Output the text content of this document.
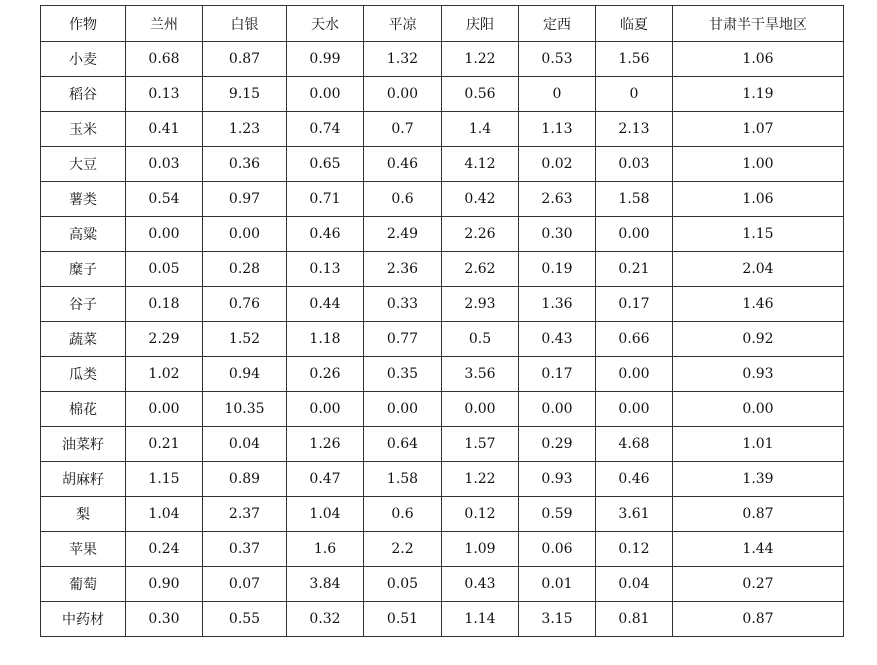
作物	兰州	白银	天水	平凉	庆阳	定西	临夏	甘肃半干旱地区
小麦	0.68	0.87	0.99	1.32	1.22	0.53	1.56	1.06
稻谷	0.13	9.15	0.00	0.00	0.56	0	0	1.19
玉米	0.41	1.23	0.74	0.7	1.4	1.13	2.13	1.07
大豆	0.03	0.36	0.65	0.46	4.12	0.02	0.03	1.00
薯类	0.54	0.97	0.71	0.6	0.42	2.63	1.58	1.06
高粱	0.00	0.00	0.46	2.49	2.26	0.30	0.00	1.15
糜子	0.05	0.28	0.13	2.36	2.62	0.19	0.21	2.04
谷子	0.18	0.76	0.44	0.33	2.93	1.36	0.17	1.46
蔬菜	2.29	1.52	1.18	0.77	0.5	0.43	0.66	0.92
瓜类	1.02	0.94	0.26	0.35	3.56	0.17	0.00	0.93
棉花	0.00	10.35	0.00	0.00	0.00	0.00	0.00	0.00
油菜籽	0.21	0.04	1.26	0.64	1.57	0.29	4.68	1.01
胡麻籽	1.15	0.89	0.47	1.58	1.22	0.93	0.46	1.39
梨	1.04	2.37	1.04	0.6	0.12	0.59	3.61	0.87
苹果	0.24	0.37	1.6	2.2	1.09	0.06	0.12	1.44
葡萄	0.90	0.07	3.84	0.05	0.43	0.01	0.04	0.27
中药材	0.30	0.55	0.32	0.51	1.14	3.15	0.81	0.87
